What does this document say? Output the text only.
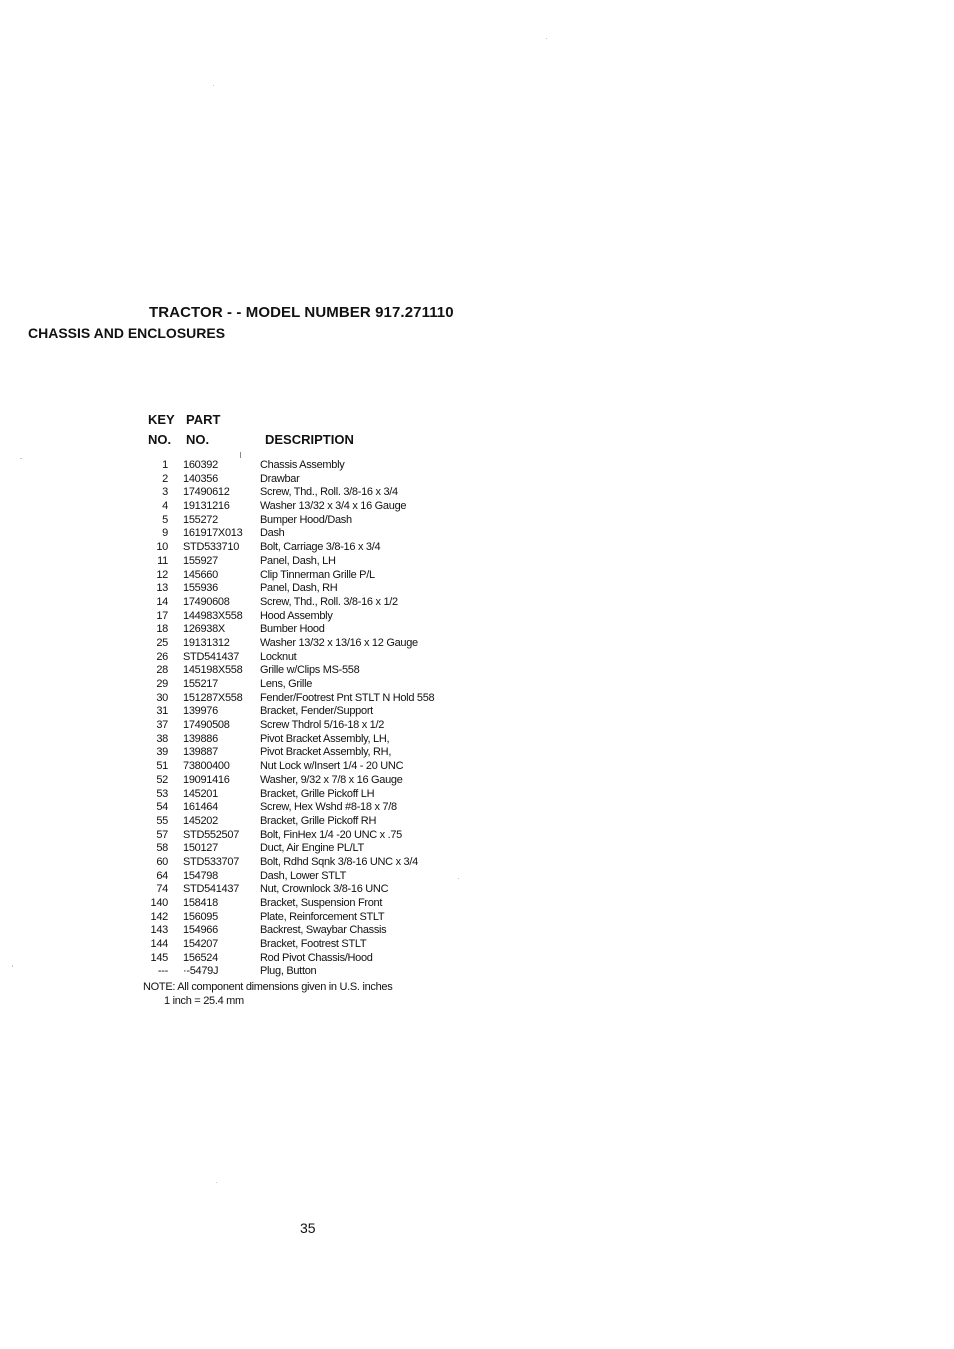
TRACTOR - - MODEL NUMBER 917.271110
CHASSIS AND ENCLOSURES
KEY PART
NO. NO.	DESCRIPTION
1 160392	Chassis Assembly
2 140356	Drawbar
3 17490612	Screw, Thd., Roll. 3/8-16 x 3/4
4 19131216	Washer 13/32 x 3/4 x 16 Gauge
5 155272	Bumper Hood/Dash
9 161917X013 Dash
10 STD533710 Bolt, Carriage 3/8-16 x 3/4
11 155927	Panel, Dash, LH
12 145660	Clip Tinnerman Grille P/L
13 155936	Panel, Dash, RH
14 17490608	Screw, Thd., Roll. 3/8-16 x 1/2
17 144983X558 Hood Assembly
18 126938X	Bumber Hood
25 19131312	Washer 13/32 x 13/16 x 12 Gauge
26 STD541437 Locknut
28 145198X558 Grille w/Clips MS-558
29 155217	Lens, Grille
30 151287X558 Fender/Footrest Pnt STLT N Hold 558
31 139976	Bracket, Fender/Support
37 17490508	Screw Thdrol 5/16-18 x 1/2
38 139886	Pivot Bracket Assembly, LH,
39 139887	Pivot Bracket Assembly, RH,
51 73800400	Nut Lock w/Insert 1/4 - 20 UNC
52 19091416	Washer, 9/32 x 7/8 x 16 Gauge
53 145201	Bracket, Grille Pickoff LH
54 161464	Screw, Hex Wshd #8-18 x 7/8
55 145202	Bracket, Grille Pickoff RH
57 STD552507 Bolt, FinHex 1/4 -20 UNC x .75
58 150127	Duct, Air Engine PL/LT
60 STD533707 Bolt, Rdhd Sqnk 3/8-16 UNC x 3/4
64 154798	Dash, Lower STLT
74 STD541437 Nut, Crownlock 3/8-16 UNC
140 158418	Bracket, Suspension Front
142 156095	Plate, Reinforcement STLT
143 154966	Backrest, Swaybar Chassis
144 154207	Bracket, Footrest STLT
145 156524	Rod Pivot Chassis/Hood
--- ·-5479J	Plug, Button
NOTE: All component dimensions given in U.S. inches
1 inch = 25.4 mm
35
